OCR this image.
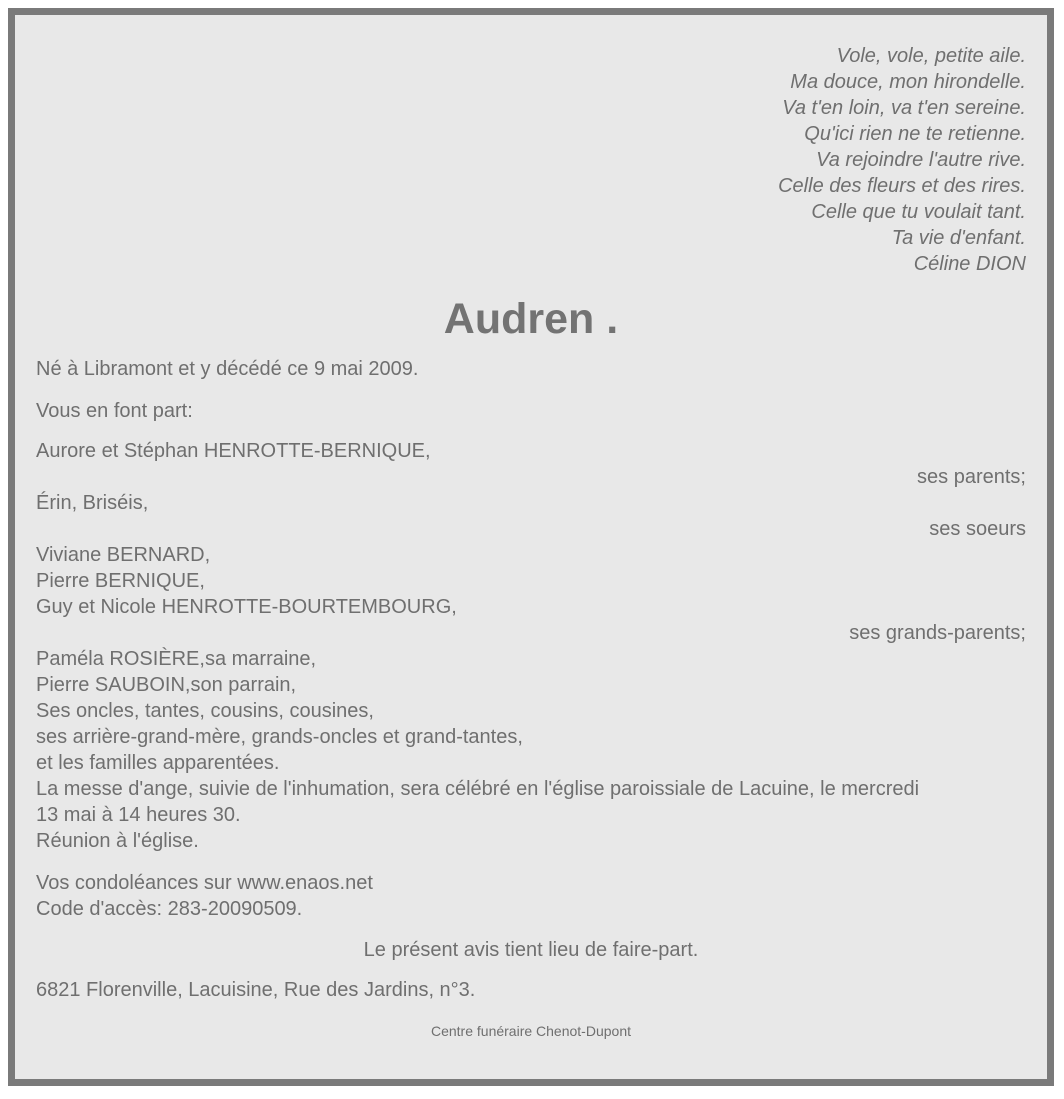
Vole, vole, petite aile.
Ma douce, mon hirondelle.
Va t'en loin, va t'en sereine.
Qu'ici rien ne te retienne.
Va rejoindre l'autre rive.
Celle des fleurs et des rires.
Celle que tu voulait tant.
Ta vie d'enfant.
Céline DION
Audren .
Né à Libramont et y décédé ce 9 mai 2009.
Vous en font part:
Aurore et Stéphan HENROTTE-BERNIQUE,
ses parents;
Érin, Briséis,
ses soeurs
Viviane BERNARD,
Pierre BERNIQUE,
Guy et Nicole HENROTTE-BOURTEMBOURG,
ses grands-parents;
Paméla ROSIÈRE,sa marraine,
Pierre SAUBOIN,son parrain,
Ses oncles, tantes, cousins, cousines,
ses arrière-grand-mère, grands-oncles et grand-tantes,
et les familles apparentées.
La messe d'ange, suivie de l'inhumation, sera célébré en l'église paroissiale de Lacuine, le mercredi
13 mai à 14 heures 30.
Réunion à l'église.
Vos condoléances sur www.enaos.net
Code d'accès: 283-20090509.
Le présent avis tient lieu de faire-part.
6821 Florenville, Lacuisine, Rue des Jardins, n°3.
Centre funéraire Chenot-Dupont
